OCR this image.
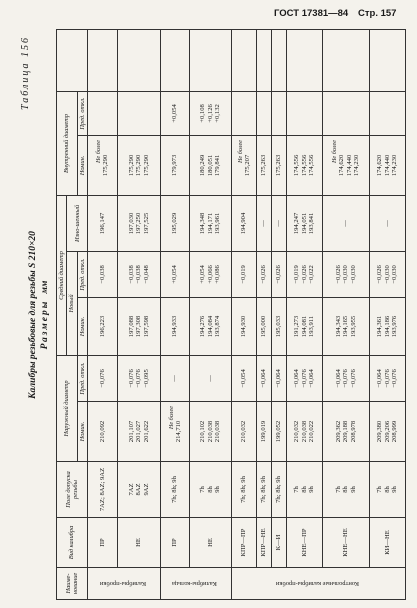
ГОСТ 17381—84 Стр. 157
Таблица 156
Калибры резьбовые для резьбы S 210×20 Размерымм
Наиме-нование	Вид калибра	Поле допуска резьбы	Наружный диаметр		Средний диаметр			Внутренний диаметр		
					Новый		Изно-шенный			
			Номин.	Пред. откл.	Номин.	Пред. откл.		Номин.	Пред. откл.	
Калибры-пробки	ПР	7AZ; 8AZ; 9AZ	210,092	−0,076	196,223	−0,038	196,147	Не более
175,290		

	НЕ	7AZ 8AZ 9AZ	201,107 201,027 201,622	−0,076 −0,076 −0,095	197,088 197,308 197,598	−0,038 −0,038 −0,048	197,030 197,250 197,525	175,290 175,290 175,290		

Калибры-кольца	ПР	7h; 8h; 9h	Не более
214,710	—	194,933	+0,054	195,029	179,973	+0,054	

	НЕ	7h 8h 9h	210,102 210,038 210,038	—	194,276 194,084 193,874	+0,054 +0,066 +0,086	194,348 194,171 193,961	180,249 180,051 179,841	+0,108 +0,126 +0,132	

Контрольные калибры-пробки	КПР—ПР	7h; 8h; 9h	210,032	−0,054	194,930	−0,019	194,904	Не более
175,207		

	КПР—НЕ	7h; 8h; 9h	199,019	−0,064	195,000	−0,026	—	175,263		

	К—И	7h; 8h; 9h	199,052	−0,064	195,033	−0,026	—	175,263		

	КНЕ—ПР	7h 8h 9h	210,032 210,038 210,022	−0,064 −0,076 −0,064	191,273 194,081 193,911	−0,019 −0,026 −0,022	194,247 194,051 193,841	174,556 174,556 174,556		

	КНЕ—НЕ	7h 8h 9h	209,362 209,188 208,978	−0,064 −0,076 −0,076	194,343 194,165 193,955	−0,026 −0,030 −0,030	—	Не более
174,620 174,440 174,230		

	КИ—НЕ	7h 8h 9h	209,380 209,206 208,999	−0,064 −0,076 −0,076	194,361 194,186 193,976	−0,026 −0,030 −0,030	—	174,620 174,440 174,230		
